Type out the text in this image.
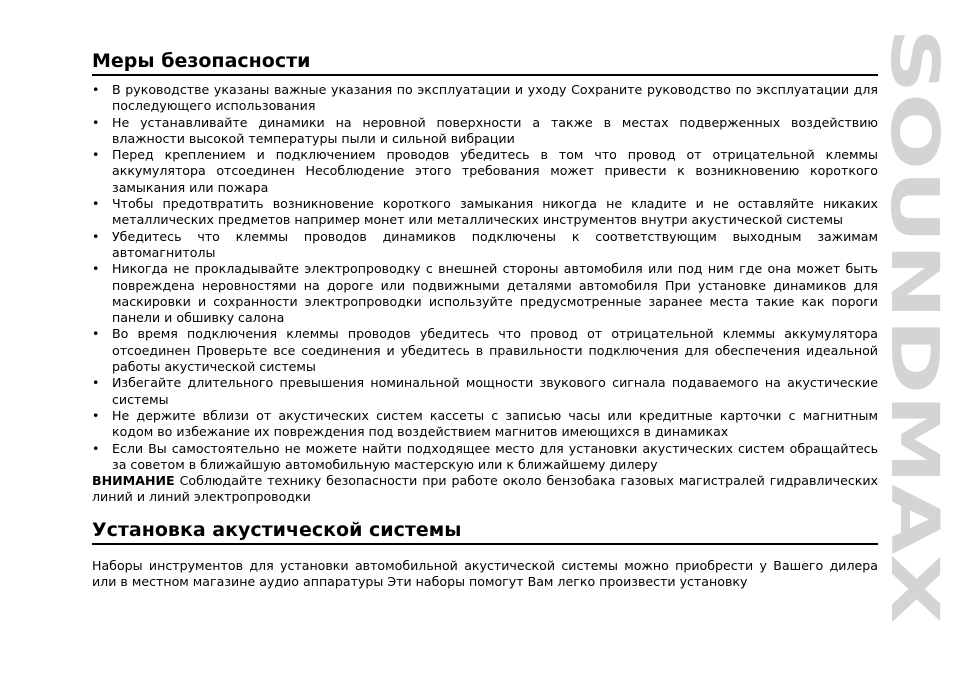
SOUNDMAX
Меры безопасности
• В руководстве указаны важные указания по эксплуатации и уходу Сохраните руководство по эксплуатации для последующего использования
• Не устанавливайте динамики на неровной поверхности а также в местах подверженных воздействию влажности высокой температуры пыли и сильной вибрации
• Перед креплением и подключением проводов убедитесь в том что провод от отрицательной клеммы аккумулятора отсоединен Несоблюдение этого требования может привести к возникновению короткого замыкания или пожара
• Чтобы предотвратить возникновение короткого замыкания никогда не кладите и не оставляйте никаких металлических предметов например монет или металлических инструментов внутри акустической системы
• Убедитесь что клеммы проводов динамиков подключены к соответствующим выходным зажимам автомагнитолы
• Никогда не прокладывайте электропроводку с внешней стороны автомобиля или под ним где она может быть повреждена неровностями на дороге или подвижными деталями автомобиля При установке динамиков для маскировки и сохранности электропроводки используйте предусмотренные заранее места такие как пороги панели и обшивку салона
• Во время подключения клеммы проводов убедитесь что провод от отрицательной клеммы аккумулятора отсоединен Проверьте все соединения и убедитесь в правильности подключения для обеспечения идеальной работы акустической системы
• Избегайте длительного превышения номинальной мощности звукового сигнала подаваемого на акустические системы
• Не держите вблизи от акустических систем кассеты с записью часы или кредитные карточки с магнитным кодом во избежание их повреждения под воздействием магнитов имеющихся в динамиках
• Если Вы самостоятельно не можете найти подходящее место для установки акустических систем обращайтесь за советом в ближайшую автомобильную мастерскую или к ближайшему дилеру

ВНИМАНИЕ Соблюдайте технику безопасности при работе около бензобака газовых магистралей гидравлических линий и линий электропроводки

Установка акустической системы

Наборы инструментов для установки автомобильной акустической системы можно приобрести у Вашего дилера или в местном магазине аудио аппаратуры Эти наборы помогут Вам легко произвести установку
